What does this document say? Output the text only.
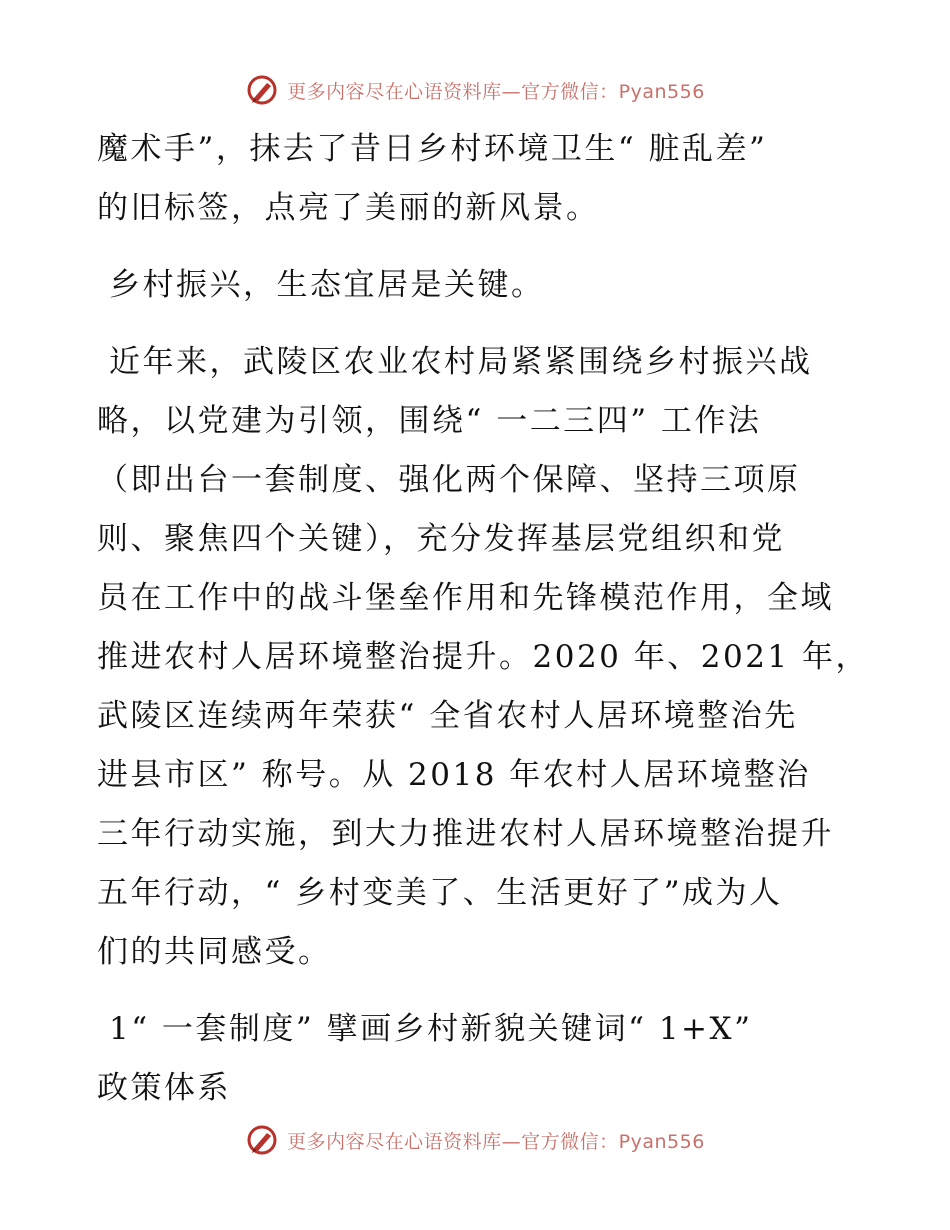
更多内容尽在心语资料库—官方微信：Pyan556

魔术手”，抹去了昔日乡村环境卫生“ 脏乱差”
的旧标签，点亮了美丽的新风景。

乡村振兴，生态宜居是关键。

近年来，武陵区农业农村局紧紧围绕乡村振兴战
略，以党建为引领，围绕“ 一二三四” 工作法
（即出台一套制度、强化两个保障、坚持三项原
则、聚焦四个关键），充分发挥基层党组织和党
员在工作中的战斗堡垒作用和先锋模范作用，全域
推进农村人居环境整治提升。2020 年、2021 年，
武陵区连续两年荣获“ 全省农村人居环境整治先
进县市区” 称号。从 2018 年农村人居环境整治
三年行动实施，到大力推进农村人居环境整治提升
五年行动，“ 乡村变美了、生活更好了”成为人
们的共同感受。

1“ 一套制度” 擘画乡村新貌关键词“ 1+X”
政策体系

更多内容尽在心语资料库—官方微信：Pyan556
